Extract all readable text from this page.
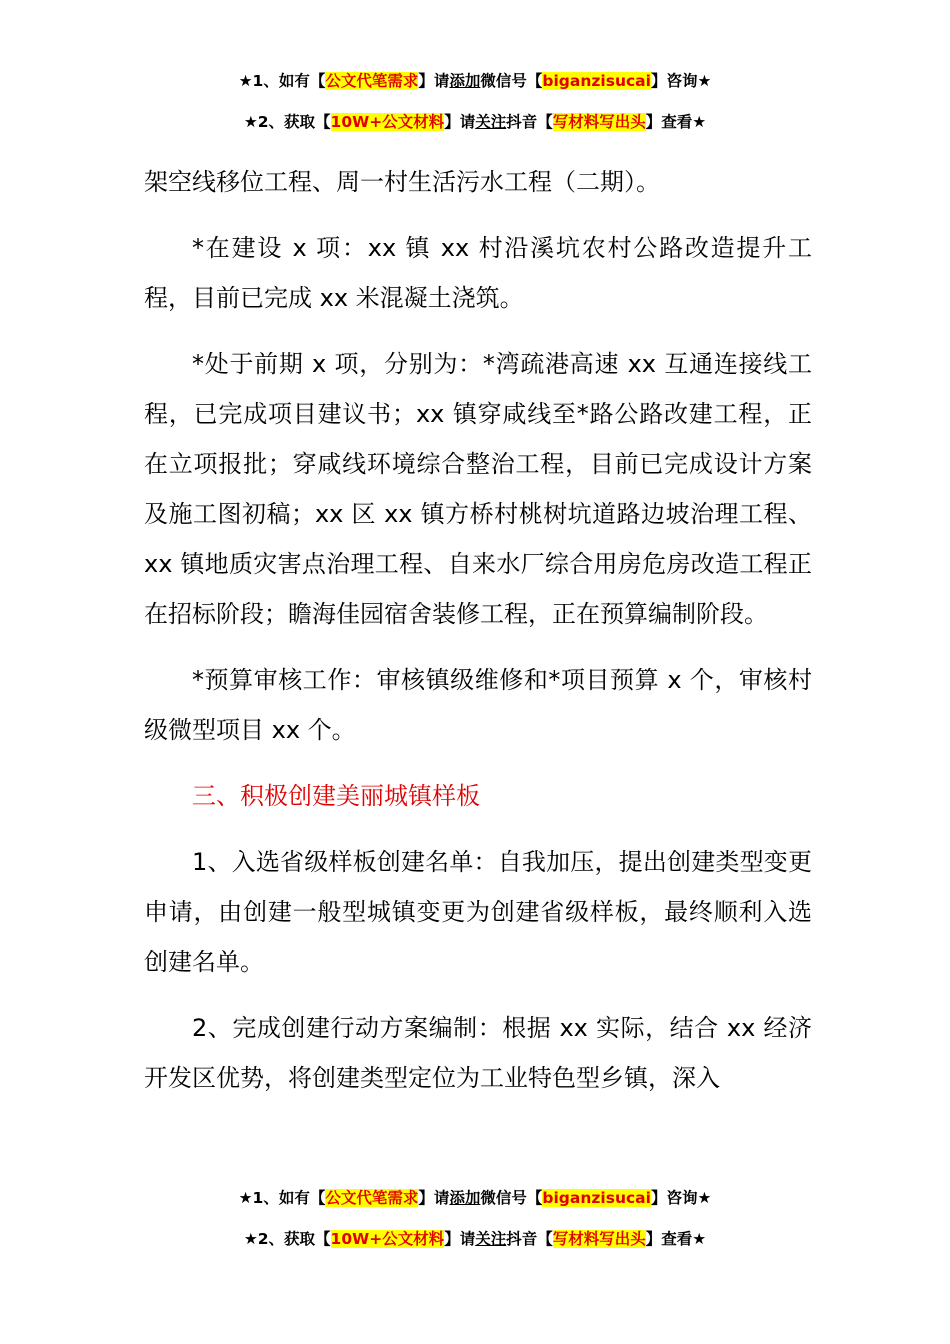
★1、如有【公文代笔需求】请添加微信号【biganzisucai】咨询★
★2、获取【10W+公文材料】请关注抖音【写材料写出头】查看★

架空线移位工程、周一村生活污水工程（二期）。

*在建设 x 项：xx 镇 xx 村沿溪坑农村公路改造提升工程，目前已完成 xx 米混凝土浇筑。

*处于前期 x 项，分别为：*湾疏港高速 xx 互通连接线工程，已完成项目建议书；xx 镇穿咸线至*路公路改建工程，正在立项报批；穿咸线环境综合整治工程，目前已完成设计方案及施工图初稿；xx 区 xx 镇方桥村桃树坑道路边坡治理工程、xx 镇地质灾害点治理工程、自来水厂综合用房危房改造工程正在招标阶段；瞻海佳园宿舍装修工程，正在预算编制阶段。

*预算审核工作：审核镇级维修和*项目预算 x 个，审核村级微型项目 xx 个。

三、积极创建美丽城镇样板

1、入选省级样板创建名单：自我加压，提出创建类型变更申请，由创建一般型城镇变更为创建省级样板，最终顺利入选创建名单。

2、完成创建行动方案编制：根据 xx 实际，结合 xx 经济开发区优势，将创建类型定位为工业特色型乡镇，深入

★1、如有【公文代笔需求】请添加微信号【biganzisucai】咨询★
★2、获取【10W+公文材料】请关注抖音【写材料写出头】查看★
